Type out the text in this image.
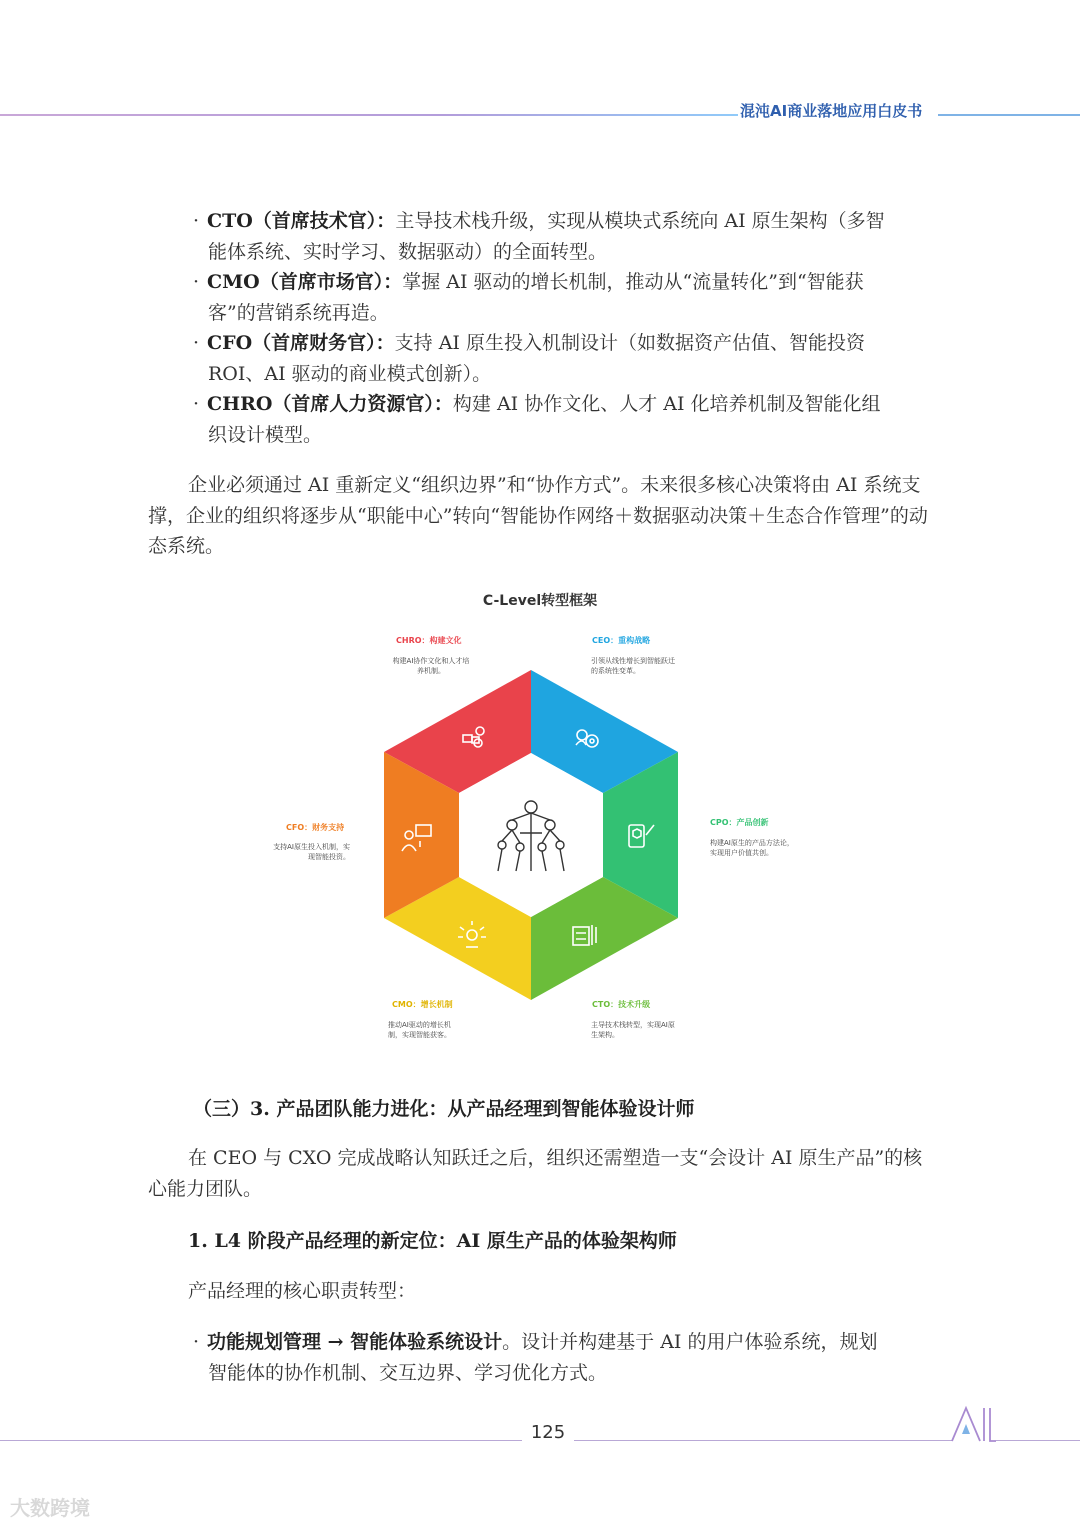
混沌AI商业落地应用白皮书
· CTO（首席技术官）：主导技术栈升级，实现从模块式系统向 AI 原生架构（多智
能体系统、实时学习、数据驱动）的全面转型。
· CMO（首席市场官）：掌握 AI 驱动的增长机制，推动从“流量转化”到“智能获
客”的营销系统再造。
· CFO（首席财务官）：支持 AI 原生投入机制设计（如数据资产估值、智能投资
ROI、AI 驱动的商业模式创新）。
· CHRO（首席人力资源官）：构建 AI 协作文化、人才 AI 化培养机制及智能化组
织设计模型。
企业必须通过 AI 重新定义“组织边界”和“协作方式”。未来很多核心决策将由 AI 系统支撑，企业的组织将逐步从“职能中心”转向“智能协作网络＋数据驱动决策＋生态合作管理”的动态系统。
C-Level转型框架
CHRO：构建文化
构建AI协作文化和人才培养机制。
CEO：重构战略
引领从线性增长到智能跃迁的系统性变革。
CPO：产品创新
构建AI原生的产品方法论，实现用户价值共创。
CTO：技术升级
主导技术栈转型，实现AI原生架构。
CMO：增长机制
推动AI驱动的增长机制，实现智能获客。
CFO：财务支持
支持AI原生投入机制，实现智能投资。
（三）3. 产品团队能力进化：从产品经理到智能体验设计师
在 CEO 与 CXO 完成战略认知跃迁之后，组织还需塑造一支“会设计 AI 原生产品”的核心能力团队。
1. L4 阶段产品经理的新定位：AI 原生产品的体验架构师
产品经理的核心职责转型：
· 功能规划管理 → 智能体验系统设计。设计并构建基于 AI 的用户体验系统，规划
智能体的协作机制、交互边界、学习优化方式。
125
大数跨境
